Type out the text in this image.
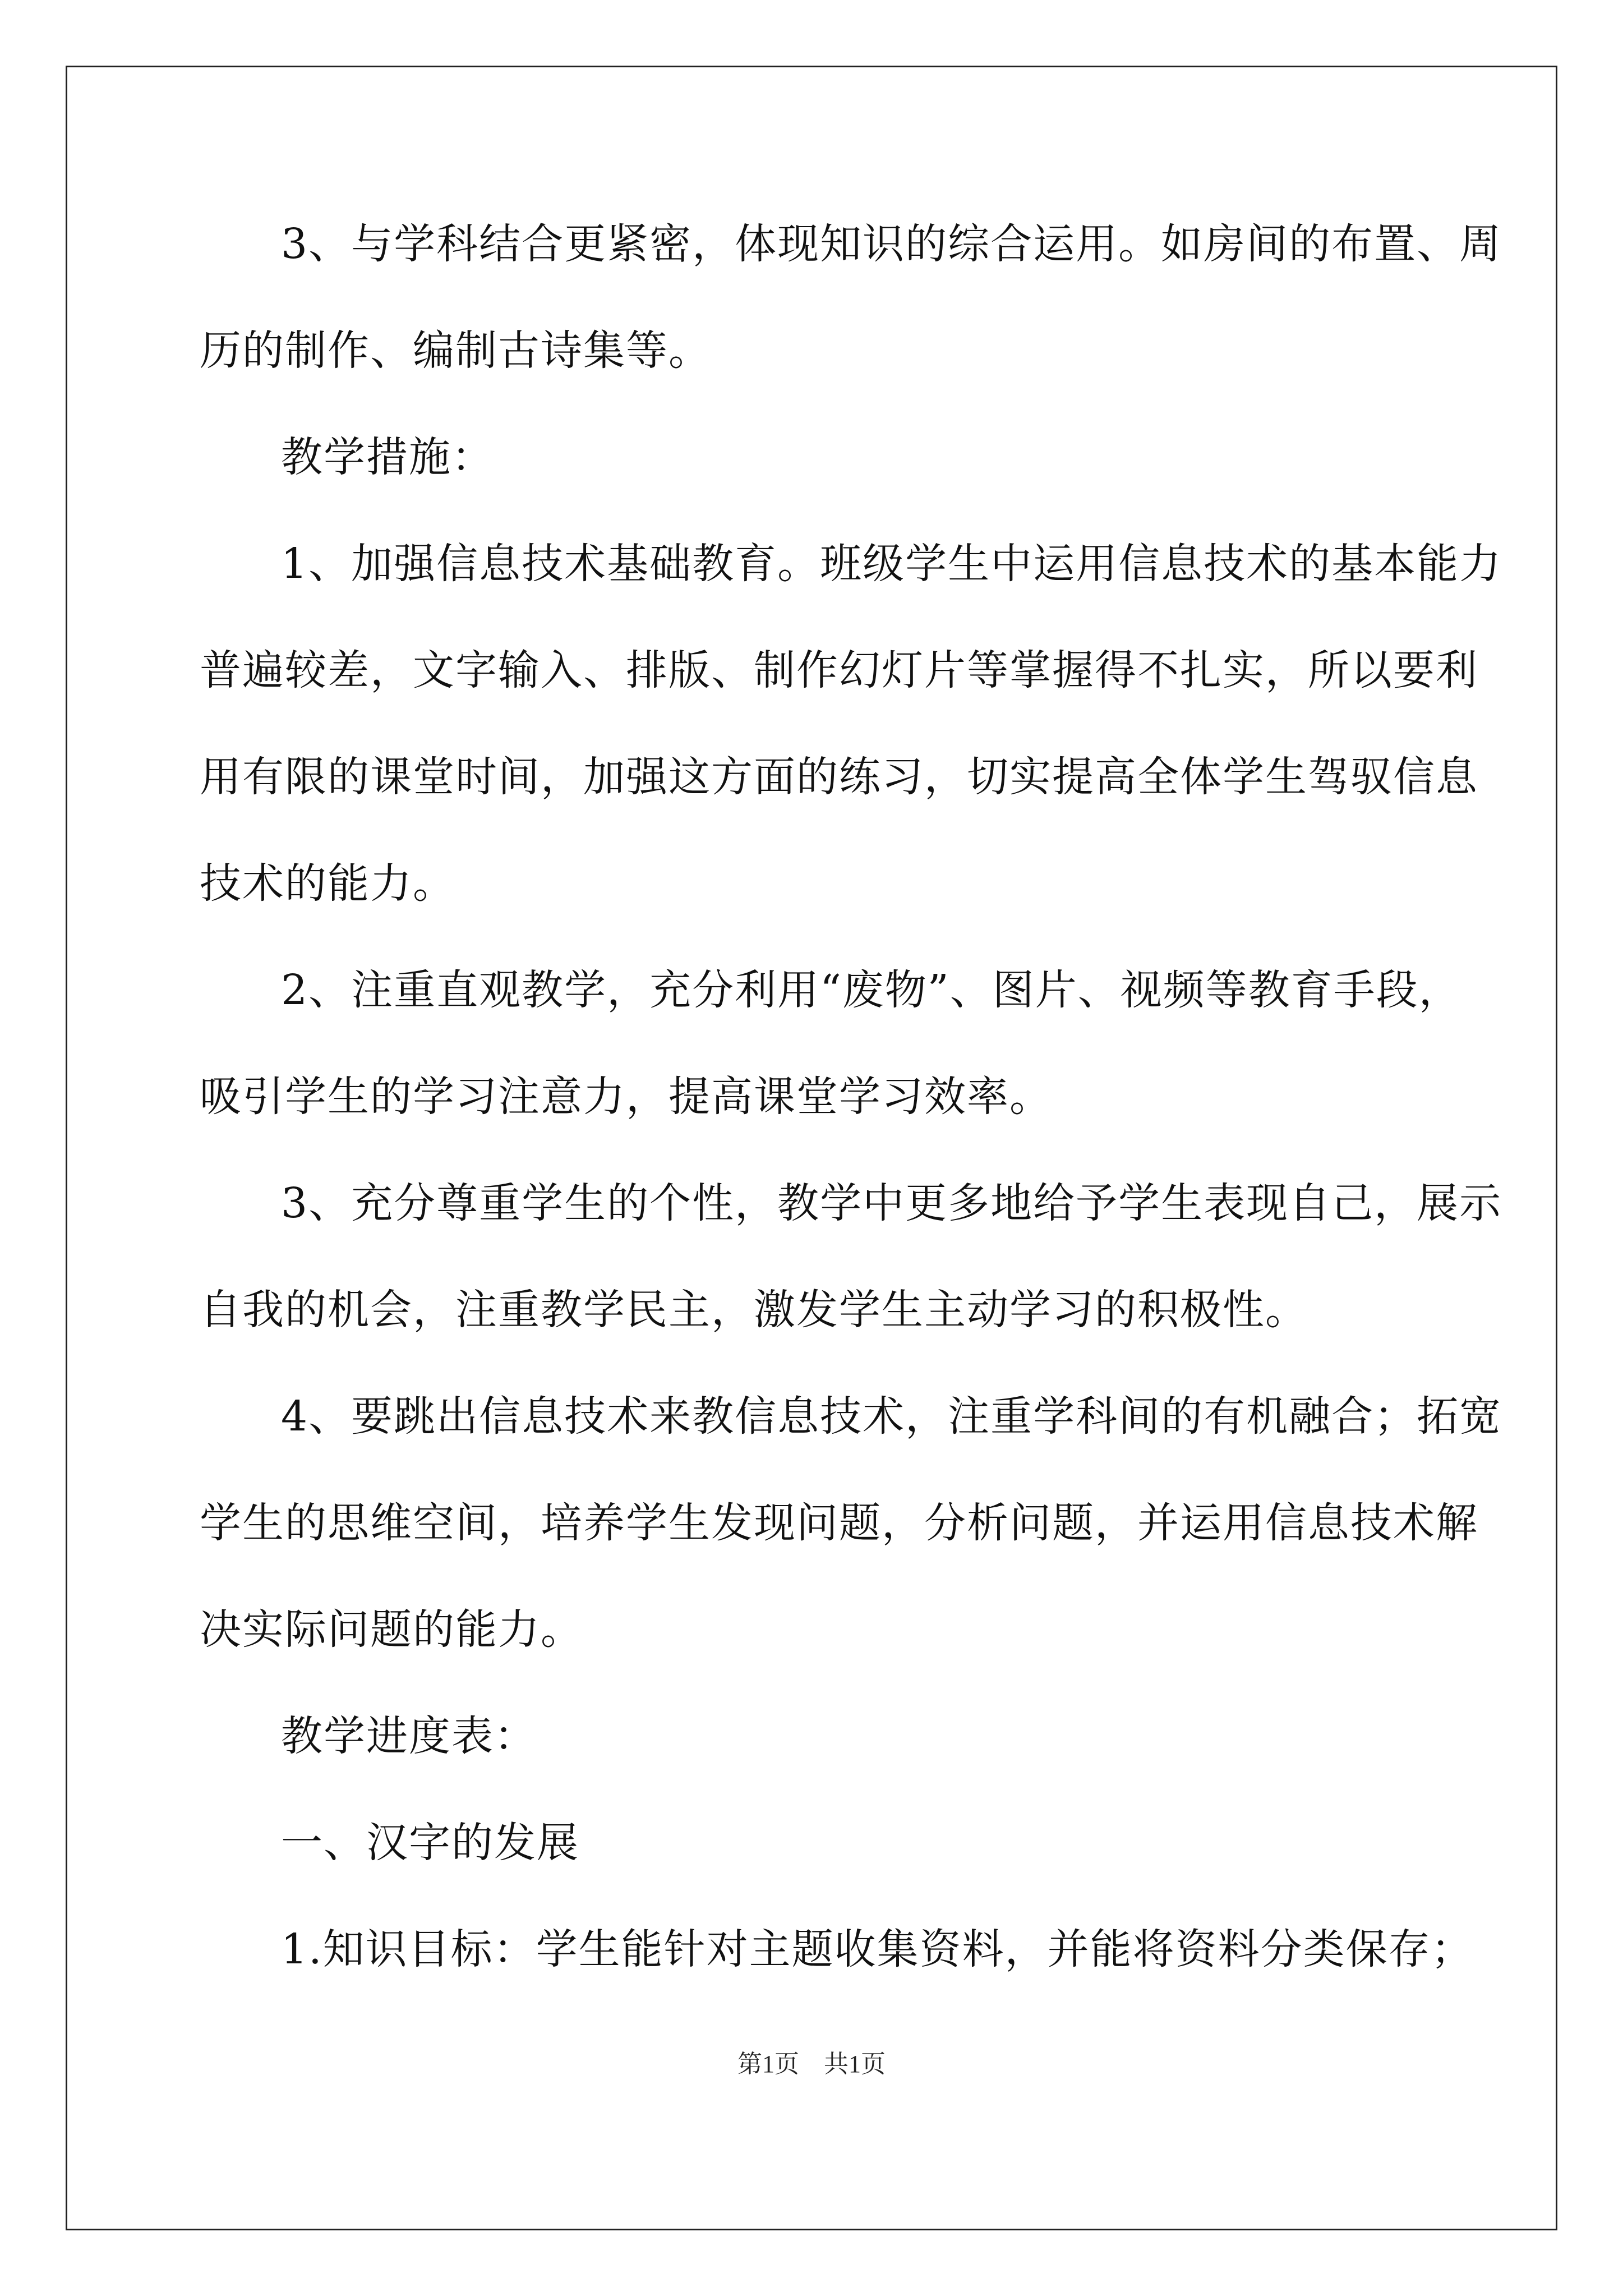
3、与学科结合更紧密，体现知识的综合运用。如房间的布置、周
历的制作、编制古诗集等。
教学措施：
1、加强信息技术基础教育。班级学生中运用信息技术的基本能力
普遍较差，文字输入、排版、制作幻灯片等掌握得不扎实，所以要利
用有限的课堂时间，加强这方面的练习，切实提高全体学生驾驭信息
技术的能力。
2、注重直观教学，充分利用“废物”、图片、视频等教育手段，
吸引学生的学习注意力，提高课堂学习效率。
3、充分尊重学生的个性，教学中更多地给予学生表现自己，展示
自我的机会，注重教学民主，激发学生主动学习的积极性。
4、要跳出信息技术来教信息技术，注重学科间的有机融合；拓宽
学生的思维空间，培养学生发现问题，分析问题，并运用信息技术解
决实际问题的能力。
教学进度表：
一、汉字的发展
1.知识目标：学生能针对主题收集资料，并能将资料分类保存；
第1页　共1页
